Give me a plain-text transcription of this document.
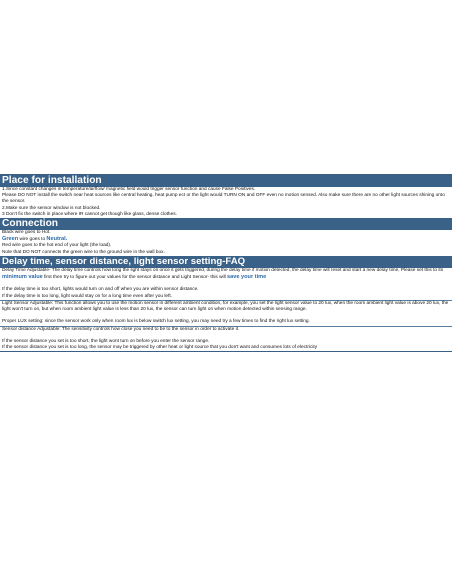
Place for installation

1.Since constant changes in temperature/airflow/ magnetic field would trigger sensor function and cause False Positives.

Please DO NOT install the switch near heat sources like central heating, heat pump ect or the light would TURN ON and OFF even no motion sensed. Also make sure there are no other light sources shining onto the sensor.

2.Make sure the sensor window is not blocked.

3 Don't fix the switch in place where IR cannot get though like glass, dense clothes.

Connection

Black wire goes to Hot.

Green wire goes to Neutral.

Red wire goes to the hot end of your light (the load).

Note that DO NOT connects the green wire to the ground wire in the wall box.

Delay time, sensor distance, light sensor setting-FAQ

Delay Time Adjustable- The delay time controls how long the light stays on once it gets triggered, during the delay time if motion detected, the delay time will reset and start a new delay time, Please set this to its minimum value first then try to figure out your values for the sensor distance and Light Sensor- this will save your time

If the delay time is too short, lights would turn on and off when you are within sensor distance.

If the delay time is too long, light would stay on for a long time even after you left.

Light Sensor Adjustable: This function allows you to use the motion sensor in different ambient condition, for example, you set the light sensor value to 20 lux, when the room ambient light value is above 20 lux, the light won't turn on, but when room ambient light value is less than 20 lux, the sensor can turn light on when motion detected within sensing range.

Proper LUX setting: since the sensor work only when room lux is below switch lux setting, you may need try a few times to find the right lux setting.

Sensor distance Adjustable: The sensitivity controls how close you need to be to the sensor in order to activate it.

If the sensor distance you set is too short, the light wont turn on before you enter the sensor range.

If the sensor distance you set is too long, the sensor may be triggered by other heat or light source that you don't want and consumes lots of electricity
